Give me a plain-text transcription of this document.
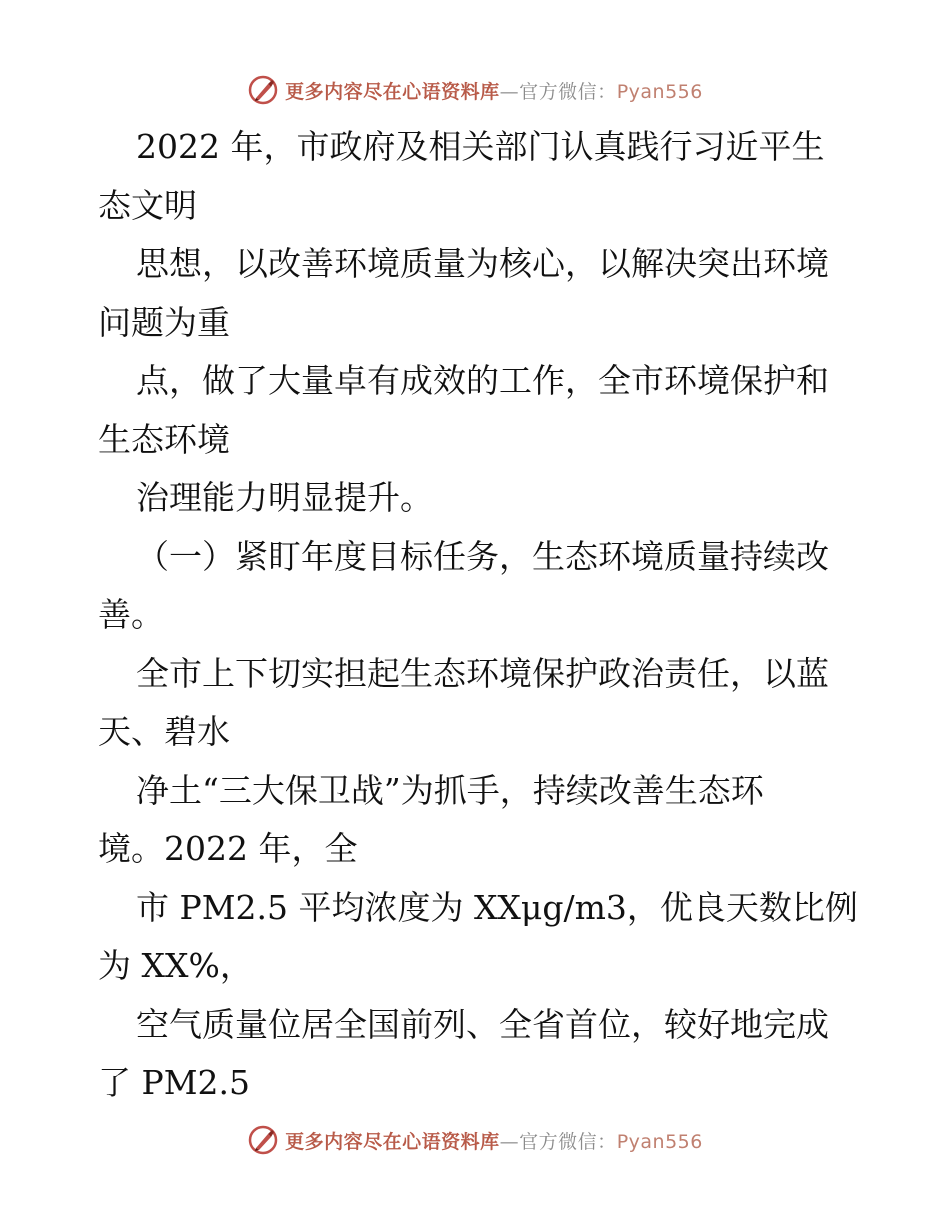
更多内容尽在心语资料库—官方微信：Pyan556
2022 年，市政府及相关部门认真践行习近平生
态文明
思想，以改善环境质量为核心，以解决突出环境
问题为重
点，做了大量卓有成效的工作，全市环境保护和
生态环境
治理能力明显提升。
（一）紧盯年度目标任务，生态环境质量持续改
善。
全市上下切实担起生态环境保护政治责任，以蓝
天、碧水
净土“三大保卫战”为抓手，持续改善生态环
境。2022 年，全
市 PM2.5 平均浓度为 XXμg/m3，优良天数比例
为 XX%，
空气质量位居全国前列、全省首位，较好地完成
了 PM2.5
更多内容尽在心语资料库—官方微信：Pyan556
